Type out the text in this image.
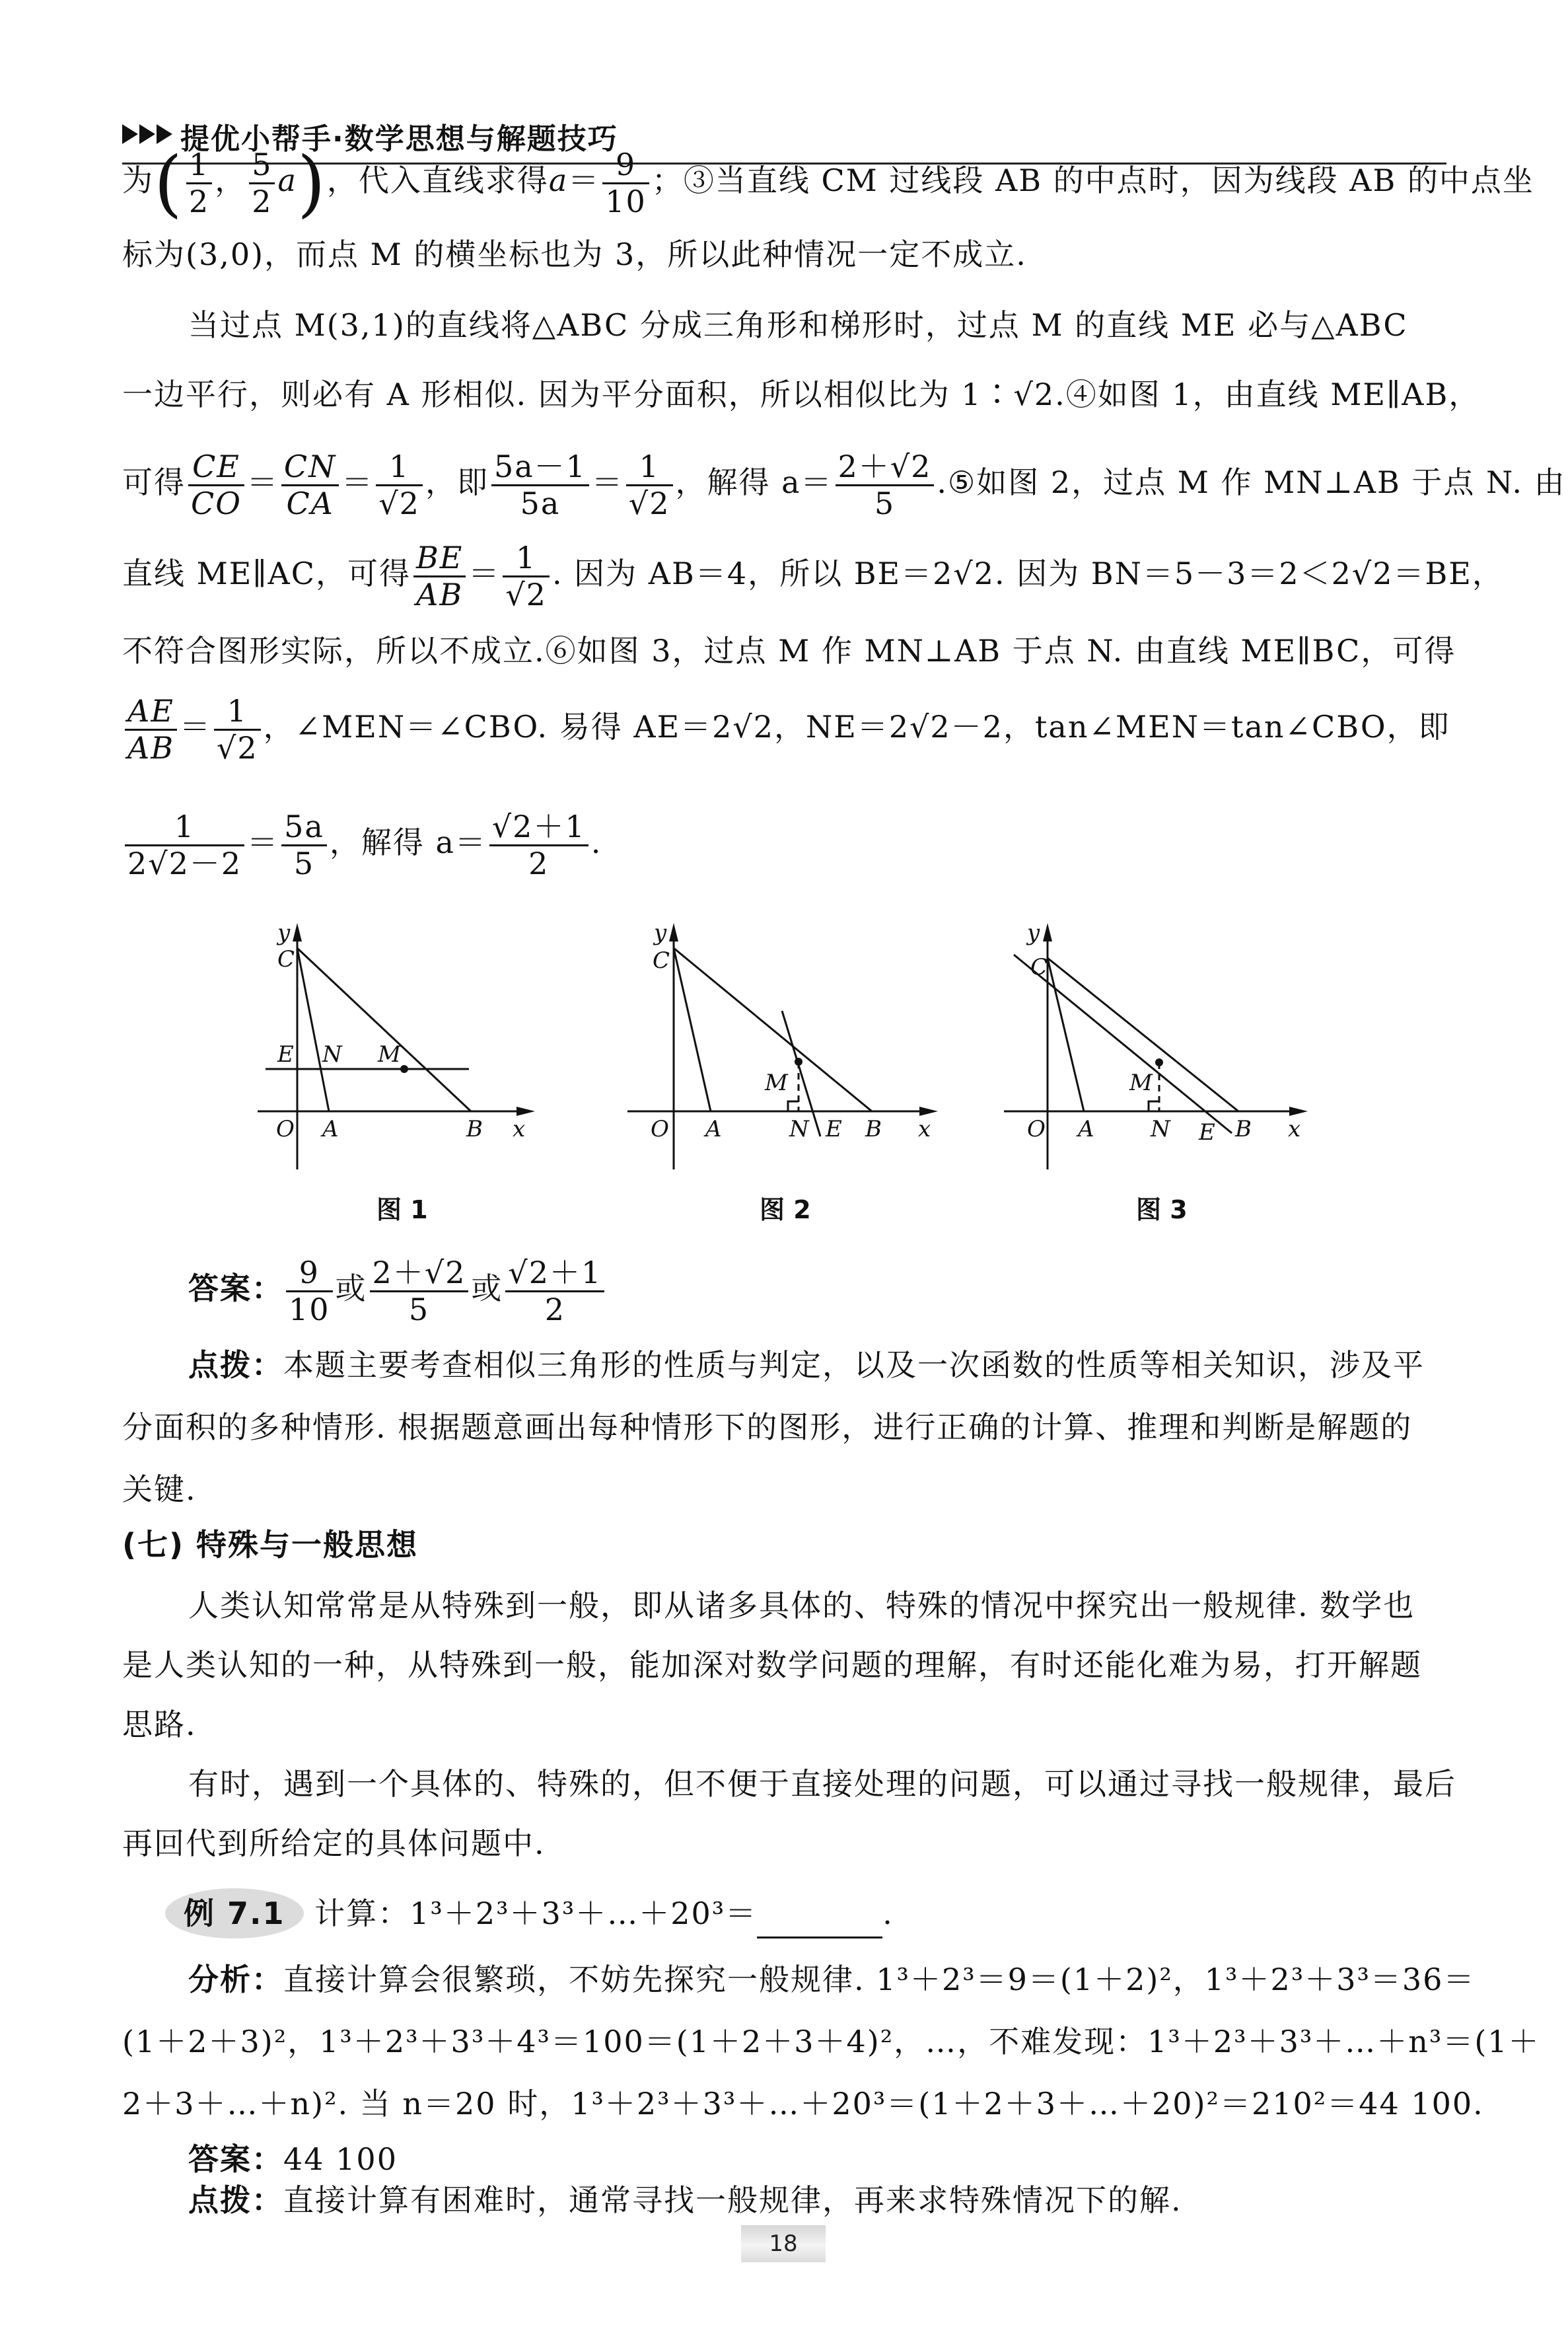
提优小帮手·数学思想与解题技巧
为( $\frac{1}{2}$ ， $\frac{5}{2} a$)，代入直线求得$a= \frac{9}{10}$ ；③当直线 CM 过线段 AB 的中点时，因为线段 AB 的中点坐
标为(3,0)，而点 M 的横坐标也为 3，所以此种情况一定不成立.
当过点 M(3,1)的直线将△ABC 分成三角形和梯形时，过点 M 的直线 ME 必与△ABC
一边平行，则必有 A 形相似. 因为平分面积，所以相似比为 1∶√2.④如图 1，由直线 ME∥AB，
可得 $\frac{CE}{CO} = \frac{CN}{CA} = \frac{1}{√2}$ ，即 $\frac{5a-1}{5a} = \frac{1}{√2}$ ，解得 $a= \frac{2+√2}{5}$ .⑤如图 2，过点 M 作 MN⊥AB 于点 N. 由
直线 ME∥AC，可得 $\frac{BE}{AB} = \frac{1}{√2}$ . 因为 AB＝4，所以 BE＝2√2. 因为 BN＝5－3＝2＜2√2＝BE，
不符合图形实际，所以不成立.⑥如图 3，过点 M 作 MN⊥AB 于点 N. 由直线 ME∥BC，可得
$\frac{AE}{AB} = \frac{1}{√2}$ ，∠MEN＝∠CBO. 易得 AE＝2√2，NE＝2√2－2，tan∠MEN＝tan∠CBO，即
$\frac{1}{2√2-2} = \frac{5a}{5}$ ，解得 $a= \frac{√2+1}{2}$ .
y
C
E N M
O A	B x
图 1
y
C
M
O A	N E B x
图 2
y
C
M
O A	N E B x
图 3
答案： $\frac{9}{10}$ 或 $\frac{2+√2}{5}$ 或 $\frac{√2+1}{2}$
点拨：本题主要考查相似三角形的性质与判定，以及一次函数的性质等相关知识，涉及平
分面积的多种情形. 根据题意画出每种情形下的图形，进行正确的计算、推理和判断是解题的
关键.
(七) 特殊与一般思想
人类认知常常是从特殊到一般，即从诸多具体的、特殊的情况中探究出一般规律. 数学也
是人类认知的一种，从特殊到一般，能加深对数学问题的理解，有时还能化难为易，打开解题
思路.
有时，遇到一个具体的、特殊的，但不便于直接处理的问题，可以通过寻找一般规律，最后
再回代到所给定的具体问题中.
例 7.1 计算：1³＋2³＋3³＋…＋20³＝	.
分析：直接计算会很繁琐，不妨先探究一般规律. 1³＋2³＝9＝(1＋2)²，1³＋2³＋3³＝36＝
(1＋2＋3)²，1³＋2³＋3³＋4³＝100＝(1＋2＋3＋4)²，…，不难发现：1³＋2³＋3³＋…＋n³＝(1＋
2＋3＋…＋n)². 当 n＝20 时，1³＋2³＋3³＋…＋20³＝(1＋2＋3＋…＋20)²＝210²＝44 100.
答案：44 100
点拨：直接计算有困难时，通常寻找一般规律，再来求特殊情况下的解.
18
